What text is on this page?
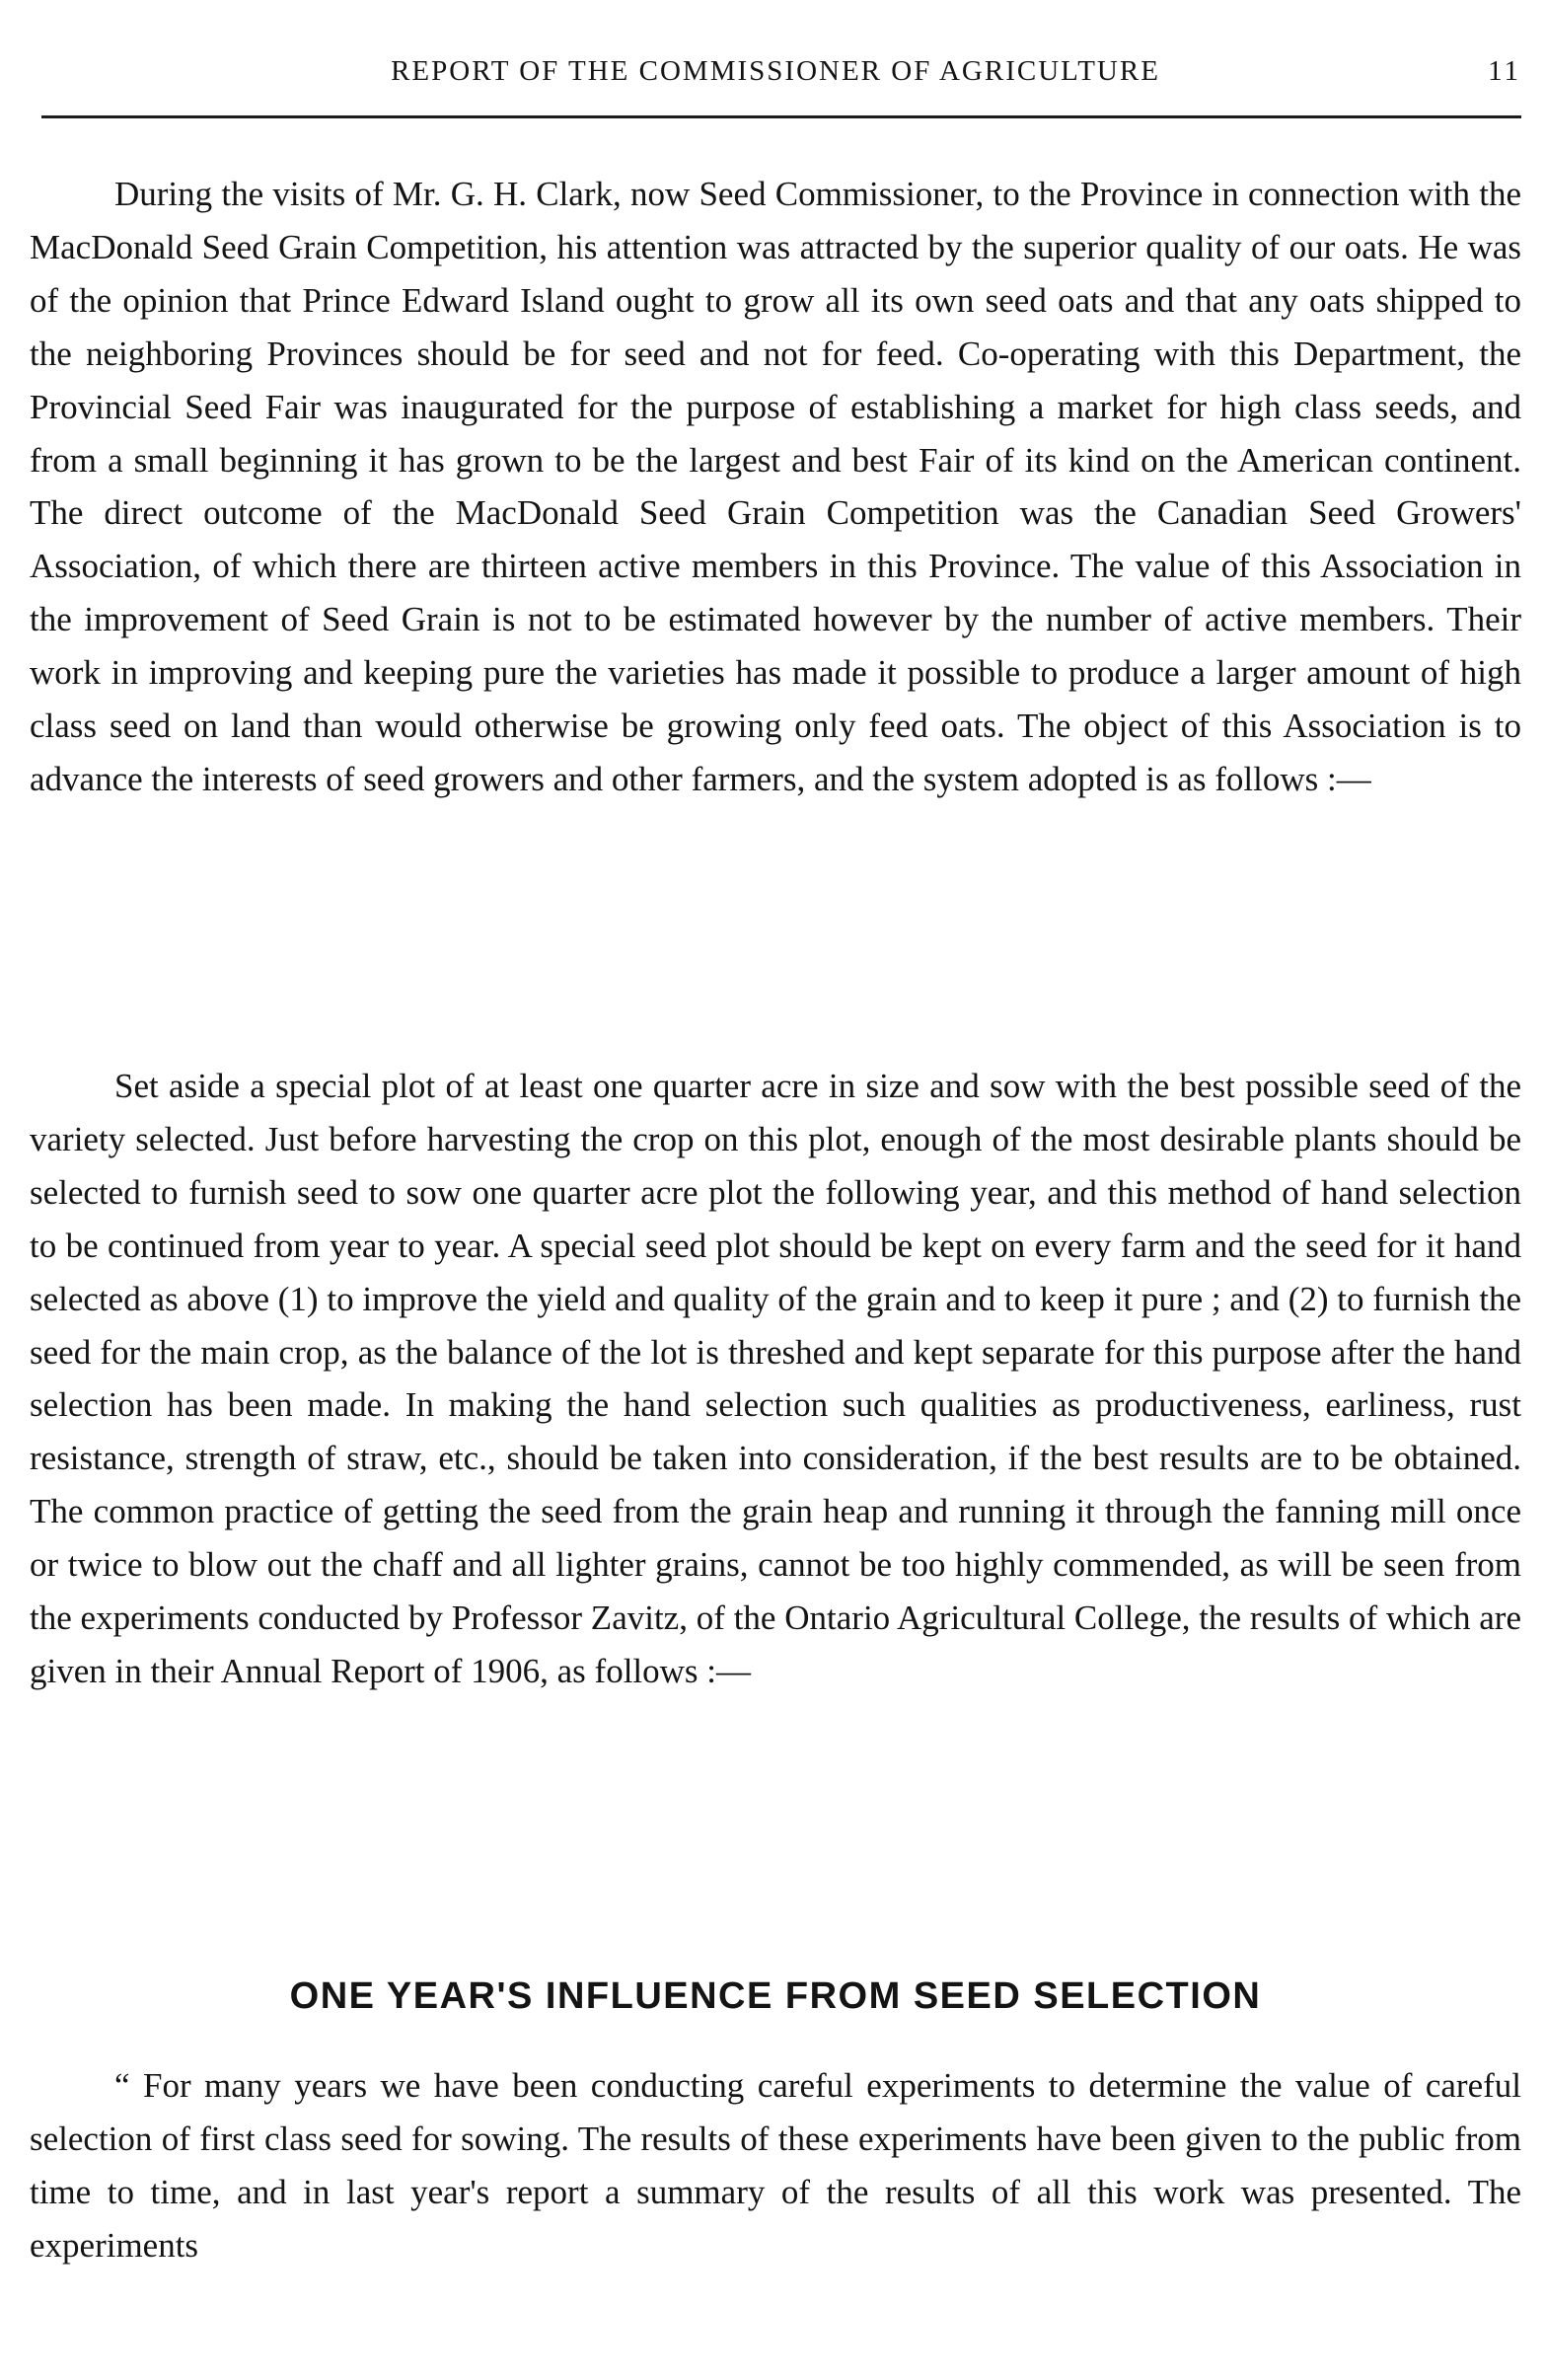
REPORT OF THE COMMISSIONER OF AGRICULTURE	11

During the visits of Mr. G. H. Clark, now Seed Commissioner, to the Province in connection with the MacDonald Seed Grain Competition, his attention was attracted by the superior quality of our oats. He was of the opinion that Prince Edward Island ought to grow all its own seed oats and that any oats shipped to the neighboring Provinces should be for seed and not for feed. Co-operating with this Department, the Provincial Seed Fair was inaugurated for the purpose of establishing a market for high class seeds, and from a small beginning it has grown to be the largest and best Fair of its kind on the American continent. The direct outcome of the MacDonald Seed Grain Competition was the Canadian Seed Growers' Association, of which there are thirteen active members in this Province. The value of this Association in the improvement of Seed Grain is not to be estimated however by the number of active members. Their work in improving and keeping pure the varieties has made it possible to produce a larger amount of high class seed on land than would otherwise be growing only feed oats. The object of this Association is to advance the interests of seed growers and other farmers, and the system adopted is as follows :—

Set aside a special plot of at least one quarter acre in size and sow with the best possible seed of the variety selected. Just before harvesting the crop on this plot, enough of the most desirable plants should be selected to furnish seed to sow one quarter acre plot the following year, and this method of hand selection to be continued from year to year. A special seed plot should be kept on every farm and the seed for it hand selected as above (1) to improve the yield and quality of the grain and to keep it pure ; and (2) to furnish the seed for the main crop, as the balance of the lot is threshed and kept separate for this purpose after the hand selection has been made. In making the hand selection such qualities as productiveness, earliness, rust resistance, strength of straw, etc., should be taken into consideration, if the best results are to be obtained. The common practice of getting the seed from the grain heap and running it through the fanning mill once or twice to blow out the chaff and all lighter grains, cannot be too highly commended, as will be seen from the experiments conducted by Professor Zavitz, of the Ontario Agricultural College, the results of which are given in their Annual Report of 1906, as follows :—

ONE YEAR'S INFLUENCE FROM SEED SELECTION

“ For many years we have been conducting careful experiments to determine the value of careful selection of first class seed for sowing. The results of these experiments have been given to the public from time to time, and in last year's report a summary of the results of all this work was presented. The experiments
